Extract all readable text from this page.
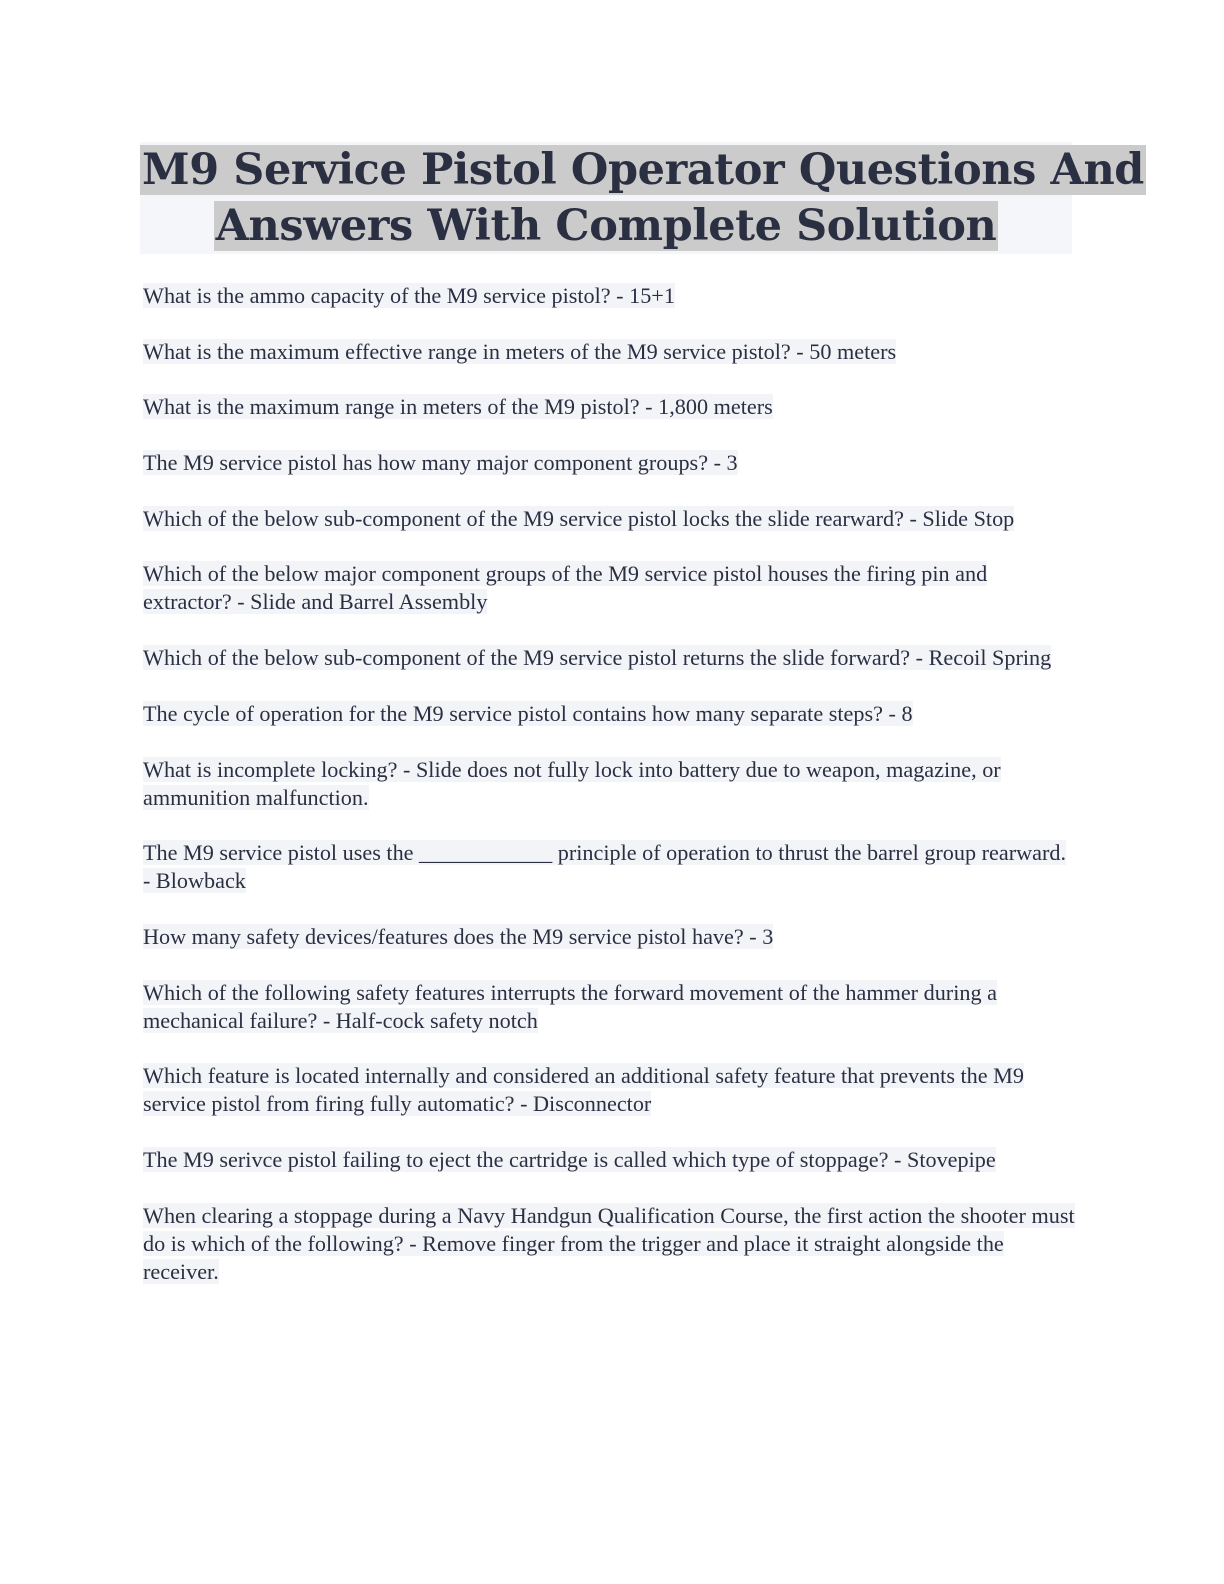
M9 Service Pistol Operator Questions And
Answers With Complete Solution

What is the ammo capacity of the M9 service pistol? - 15+1

What is the maximum effective range in meters of the M9 service pistol? - 50 meters

What is the maximum range in meters of the M9 pistol? - 1,800 meters

The M9 service pistol has how many major component groups? - 3

Which of the below sub-component of the M9 service pistol locks the slide rearward? - Slide Stop

Which of the below major component groups of the M9 service pistol houses the firing pin and extractor? - Slide and Barrel Assembly

Which of the below sub-component of the M9 service pistol returns the slide forward? - Recoil Spring

The cycle of operation for the M9 service pistol contains how many separate steps? - 8

What is incomplete locking? - Slide does not fully lock into battery due to weapon, magazine, or ammunition malfunction.

The M9 service pistol uses the ____________ principle of operation to thrust the barrel group rearward. - Blowback

How many safety devices/features does the M9 service pistol have? - 3

Which of the following safety features interrupts the forward movement of the hammer during a mechanical failure? - Half-cock safety notch

Which feature is located internally and considered an additional safety feature that prevents the M9 service pistol from firing fully automatic? - Disconnector

The M9 serivce pistol failing to eject the cartridge is called which type of stoppage? - Stovepipe

When clearing a stoppage during a Navy Handgun Qualification Course, the first action the shooter must do is which of the following? - Remove finger from the trigger and place it straight alongside the receiver.
